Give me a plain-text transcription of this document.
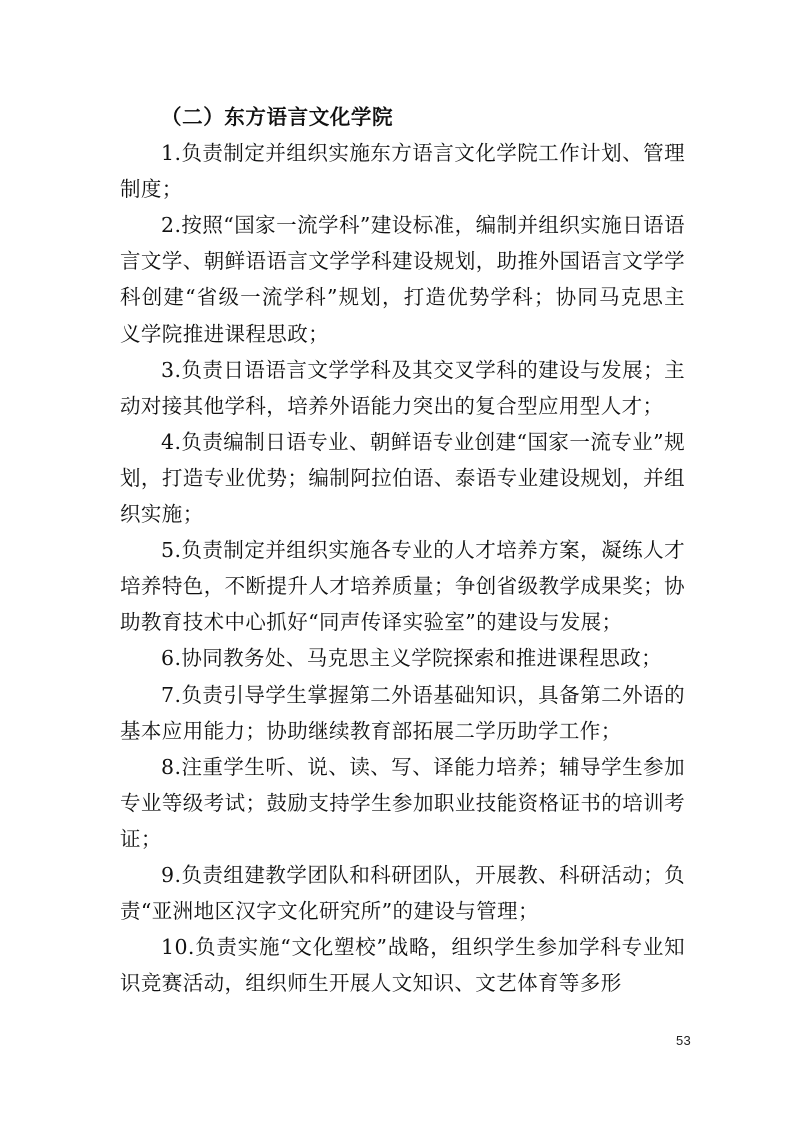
（二）东方语言文化学院

1.负责制定并组织实施东方语言文化学院工作计划、管理制度；

2.按照“国家一流学科”建设标准，编制并组织实施日语语言文学、朝鲜语语言文学学科建设规划，助推外国语言文学学科创建“省级一流学科”规划，打造优势学科；协同马克思主义学院推进课程思政；

3.负责日语语言文学学科及其交叉学科的建设与发展；主动对接其他学科，培养外语能力突出的复合型应用型人才；

4.负责编制日语专业、朝鲜语专业创建“国家一流专业”规划，打造专业优势；编制阿拉伯语、泰语专业建设规划，并组织实施；

5.负责制定并组织实施各专业的人才培养方案，凝练人才培养特色，不断提升人才培养质量；争创省级教学成果奖；协助教育技术中心抓好“同声传译实验室”的建设与发展；

6.协同教务处、马克思主义学院探索和推进课程思政；

7.负责引导学生掌握第二外语基础知识，具备第二外语的基本应用能力；协助继续教育部拓展二学历助学工作；

8.注重学生听、说、读、写、译能力培养；辅导学生参加专业等级考试；鼓励支持学生参加职业技能资格证书的培训考证；

9.负责组建教学团队和科研团队，开展教、科研活动；负责“亚洲地区汉字文化研究所”的建设与管理；

10.负责实施“文化塑校”战略，组织学生参加学科专业知识竞赛活动，组织师生开展人文知识、文艺体育等多形

53
